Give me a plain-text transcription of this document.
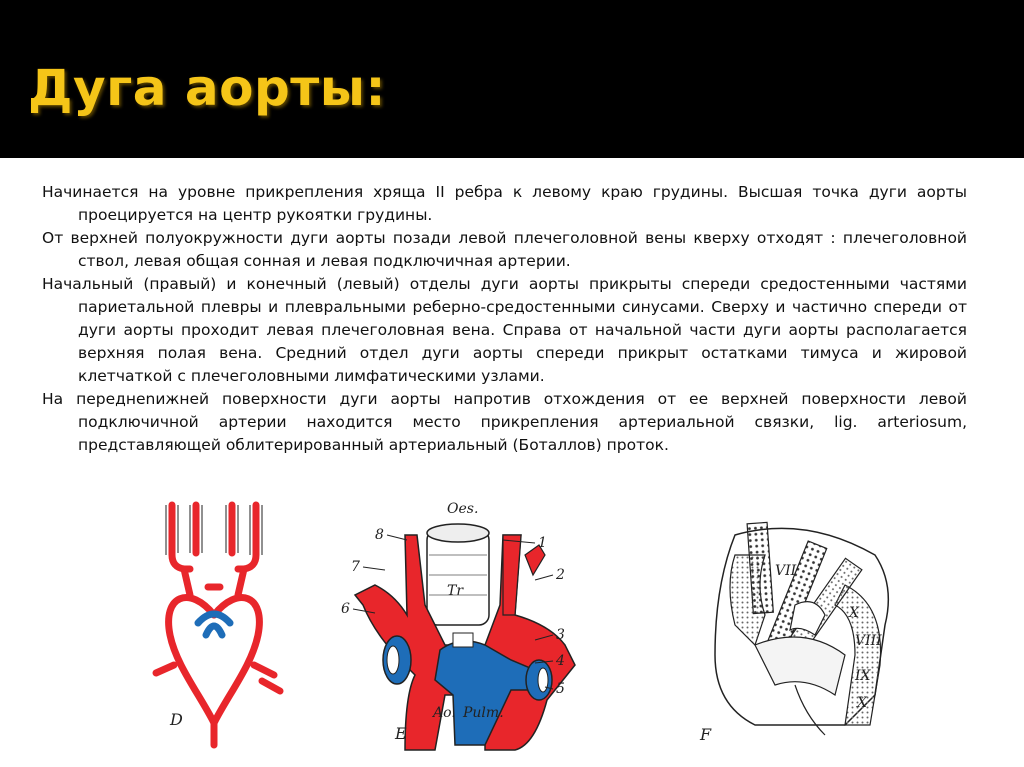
Дуга аорты:
Начинается на уровне прикрепления хряща II ребра к левому краю грудины. Высшая точка дуги аорты проецируется на центр рукоятки грудины.
От верхней полуокружности дуги аорты позади левой плечеголовной вены кверху отходят : плечеголовной ствол, левая общая сонная и левая подключичная артерии.
Начальный (правый) и конечный (левый) отделы дуги аорты прикрыты спереди средостенными частями париетальной плевры и плевральными реберно-средостенными синусами. Сверху и частично спереди от дуги аорты проходит левая плечеголовная вена. Справа от начальной части дуги аорты располагается верхняя полая вена. Средний отдел дуги аорты спереди прикрыт остатками тимуса и жировой клетчаткой с плечеголовными лимфатическими узлами.
На переднenижней поверхности дуги аорты напротив отхождения от ее верхней поверхности левой подключичной артерии находится место прикрепления артериальной связки, lig. arteriosum, представляющей облитерированный артериальный (Боталлов) проток.
D
Oes.
Tr
Ao. Pulm.
1
2
3
4
5
6
7
8
E
VII
VIII
IX
X
X
F
